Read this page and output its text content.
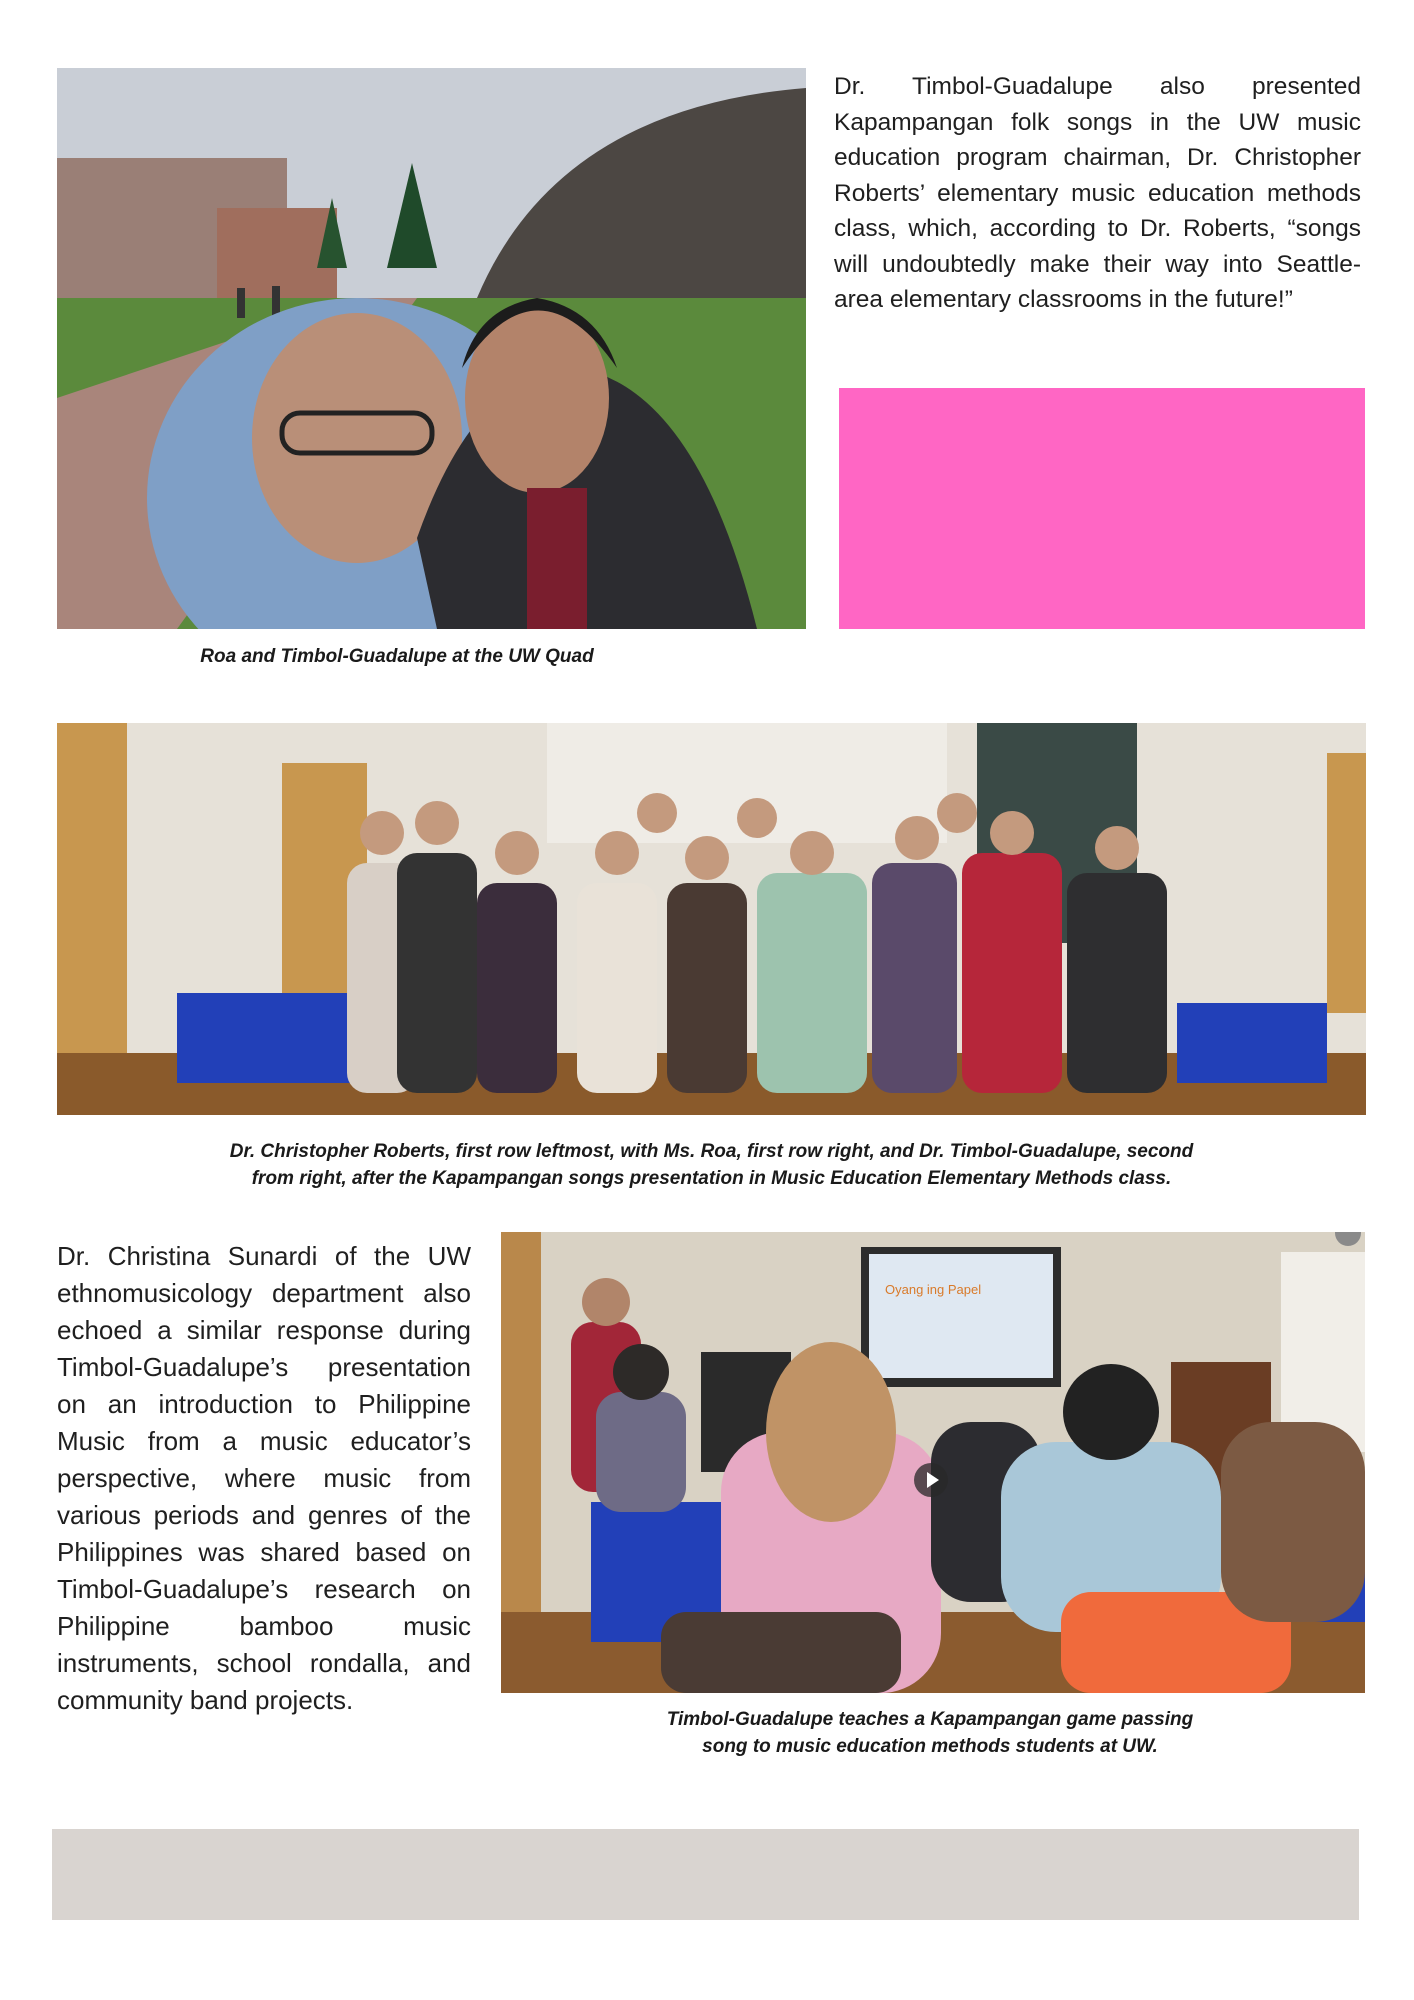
Roa and Timbol-Guadalupe at the UW Quad
Dr. Timbol-Guadalupe also presented Kapampangan folk songs in the UW music education program chairman, Dr. Christopher Roberts’ elementary music education methods class, which, according to Dr. Roberts, “songs will undoubtedly make their way into Seattle-area elementary classrooms in the future!”
Dr. Christopher Roberts, first row leftmost, with Ms. Roa, first row right, and Dr. Timbol-Guadalupe, second
from right, after the Kapampangan songs presentation in Music Education Elementary Methods class.
Dr. Christina Sunardi of the UW ethnomusicology department also echoed a similar response during Timbol-Guadalupe’s presentation on an introduction to Philippine Music from a music educator’s perspective, where music from various periods and genres of the Philippines was shared based on Timbol-Guadalupe’s research on Philippine bamboo music instruments, school rondalla, and community band projects.
Oyang ing Papel
Timbol-Guadalupe teaches a Kapampangan game passing
song to music education methods students at UW.
